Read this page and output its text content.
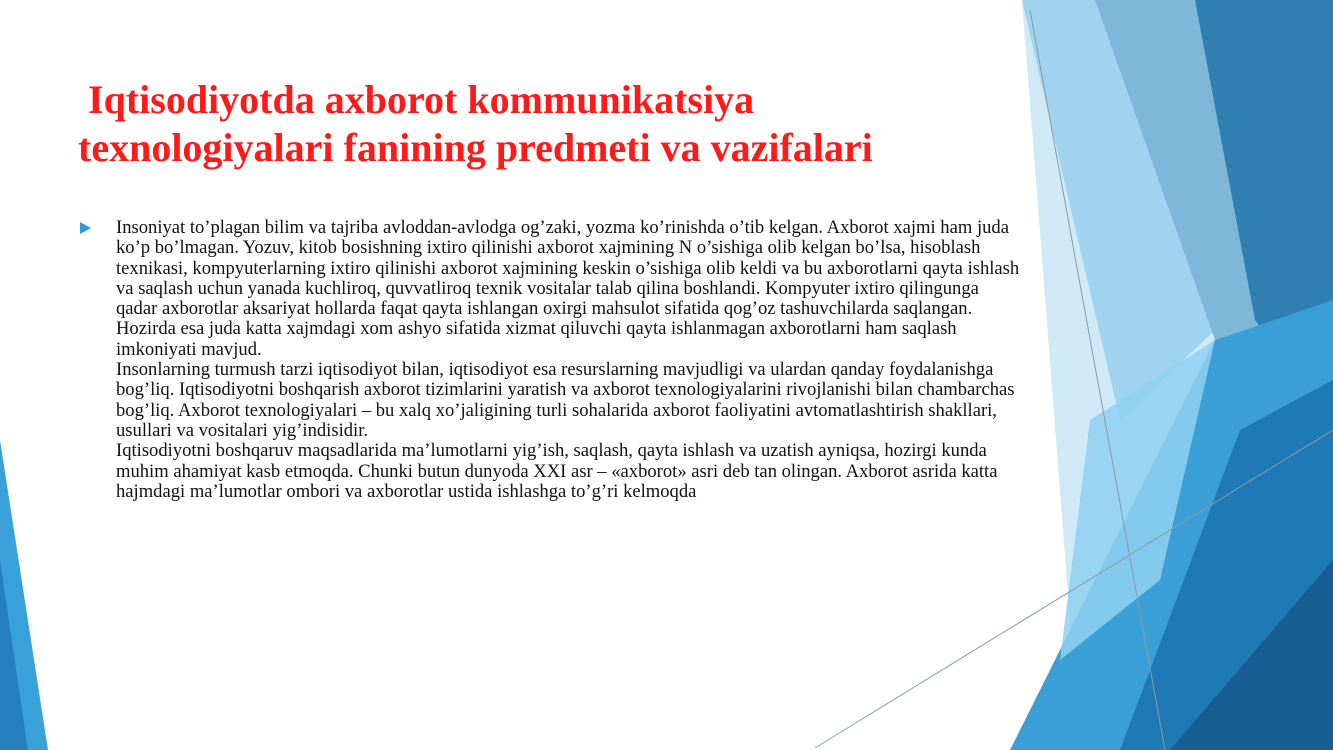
Iqtisodiyotda axborot kommunikatsiya
texnologiyalari fanining predmeti va vazifalari

Insoniyat to’plagan bilim va tajriba avloddan-avlodga og’zaki, yozma ko’rinishda o’tib kelgan. Axborot xajmi ham juda ko’p bo’lmagan. Yozuv, kitob bosishning ixtiro qilinishi axborot xajmining N o’sishiga olib kelgan bo’lsa, hisoblash texnikasi, kompyuterlarning ixtiro qilinishi axborot xajmining keskin o’sishiga olib keldi va bu axborotlarni qayta ishlash va saqlash uchun yanada kuchliroq, quvvatliroq texnik vositalar talab qilina boshlandi. Kompyuter ixtiro qilingunga qadar axborotlar aksariyat hollarda faqat qayta ishlangan oxirgi mahsulot sifatida qog’oz tashuvchilarda saqlangan. Hozirda esa juda katta xajmdagi xom ashyo sifatida xizmat qiluvchi qayta ishlanmagan axborotlarni ham saqlash imkoniyati mavjud.

Insonlarning turmush tarzi iqtisodiyot bilan, iqtisodiyot esa resurslarning mavjudligi va ulardan qanday foydalanishga bog’liq. Iqtisodiyotni boshqarish axborot tizimlarini yaratish va axborot texnologiyalarini rivojlanishi bilan chambarchas bog’liq. Axborot texnologiyalari – bu xalq xo’jaligining turli sohalarida axborot faoliyatini avtomatlashtirish shakllari, usullari va vositalari yig’indisidir.

Iqtisodiyotni boshqaruv maqsadlarida ma’lumotlarni yig’ish, saqlash, qayta ishlash va uzatish ayniqsa, hozirgi kunda muhim ahamiyat kasb etmoqda. Chunki butun dunyoda XXI asr – «axborot» asri deb tan olingan. Axborot asrida katta hajmdagi ma’lumotlar ombori va axborotlar ustida ishlashga to’g’ri kelmoqda
